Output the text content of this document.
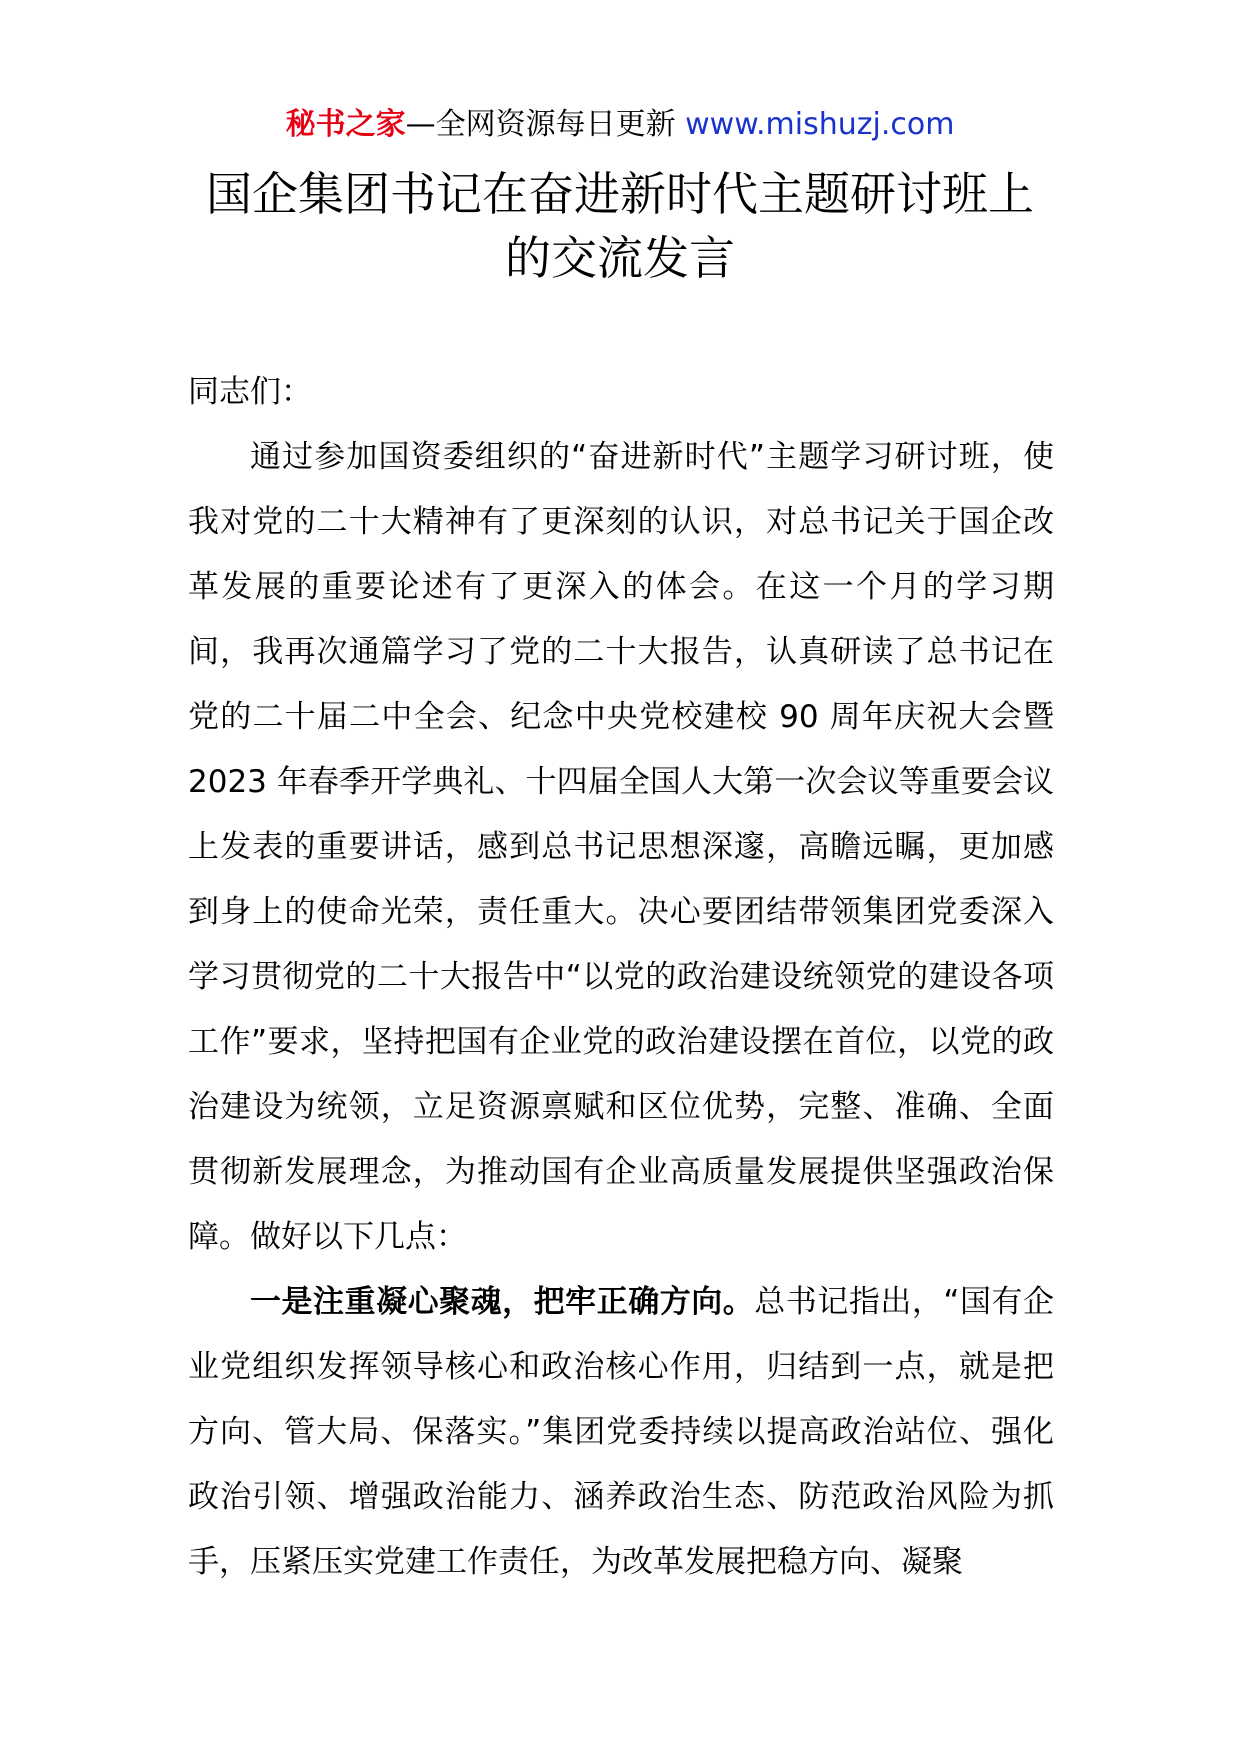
秘书之家—全网资源每日更新 www.mishuzj.com
国企集团书记在奋进新时代主题研讨班上
的交流发言

同志们：

通过参加国资委组织的“奋进新时代”主题学习研讨班，使我对党的二十大精神有了更深刻的认识，对总书记关于国企改革发展的重要论述有了更深入的体会。在这一个月的学习期间，我再次通篇学习了党的二十大报告，认真研读了总书记在党的二十届二中全会、纪念中央党校建校 90 周年庆祝大会暨 2023 年春季开学典礼、十四届全国人大第一次会议等重要会议上发表的重要讲话，感到总书记思想深邃，高瞻远瞩，更加感到身上的使命光荣，责任重大。决心要团结带领集团党委深入学习贯彻党的二十大报告中“以党的政治建设统领党的建设各项工作”要求，坚持把国有企业党的政治建设摆在首位，以党的政治建设为统领，立足资源禀赋和区位优势，完整、准确、全面贯彻新发展理念，为推动国有企业高质量发展提供坚强政治保障。做好以下几点：

一是注重凝心聚魂，把牢正确方向。总书记指出，“国有企业党组织发挥领导核心和政治核心作用，归结到一点，就是把方向、管大局、保落实。”集团党委持续以提高政治站位、强化政治引领、增强政治能力、涵养政治生态、防范政治风险为抓手，压紧压实党建工作责任，为改革发展把稳方向、凝聚
